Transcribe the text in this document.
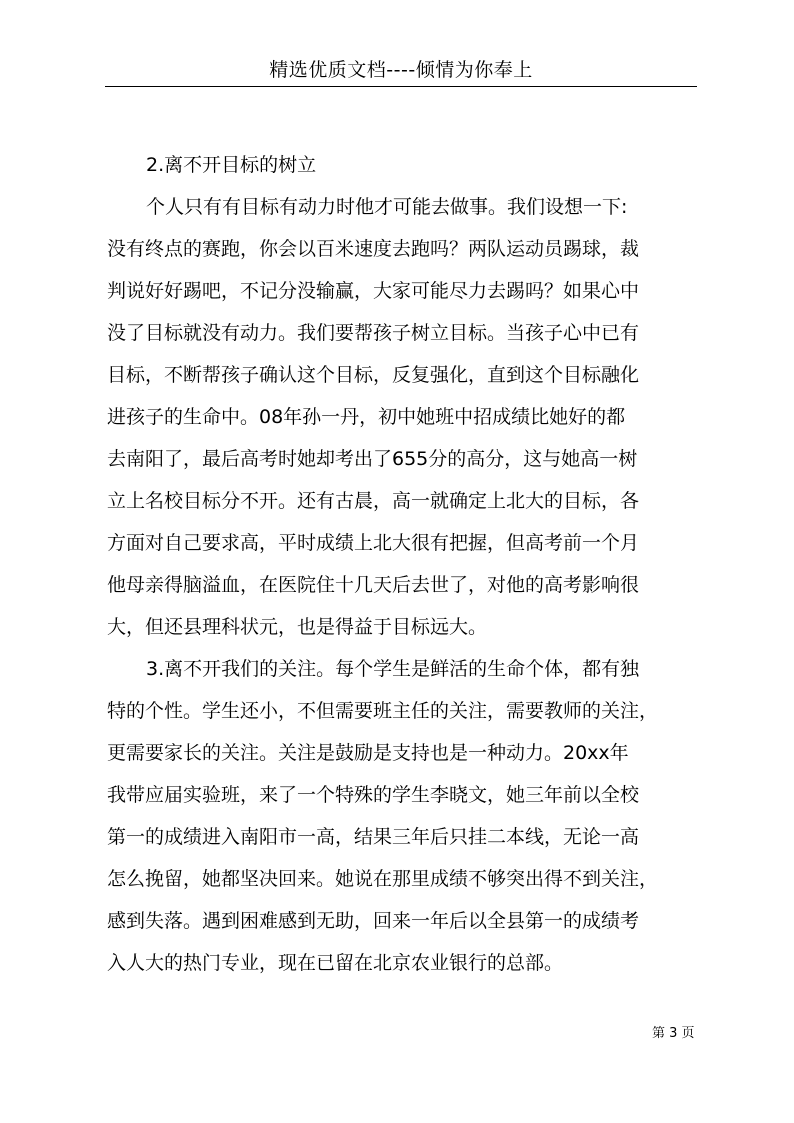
精选优质文档----倾情为你奉上
2.离不开目标的树立
个人只有有目标有动力时他才可能去做事。我们设想一下:
没有终点的赛跑，你会以百米速度去跑吗？两队运动员踢球，裁
判说好好踢吧，不记分没输赢，大家可能尽力去踢吗？如果心中
没了目标就没有动力。我们要帮孩子树立目标。当孩子心中已有
目标，不断帮孩子确认这个目标，反复强化，直到这个目标融化
进孩子的生命中。08年孙一丹，初中她班中招成绩比她好的都
去南阳了，最后高考时她却考出了655分的高分，这与她高一树
立上名校目标分不开。还有古晨，高一就确定上北大的目标，各
方面对自己要求高，平时成绩上北大很有把握，但高考前一个月
他母亲得脑溢血，在医院住十几天后去世了，对他的高考影响很
大，但还县理科状元，也是得益于目标远大。
3.离不开我们的关注。每个学生是鲜活的生命个体，都有独
特的个性。学生还小，不但需要班主任的关注，需要教师的关注，
更需要家长的关注。关注是鼓励是支持也是一种动力。20xx年
我带应届实验班，来了一个特殊的学生李晓文，她三年前以全校
第一的成绩进入南阳市一高，结果三年后只挂二本线，无论一高
怎么挽留，她都坚决回来。她说在那里成绩不够突出得不到关注，
感到失落。遇到困难感到无助，回来一年后以全县第一的成绩考
入人大的热门专业，现在已留在北京农业银行的总部。
第 3 页
